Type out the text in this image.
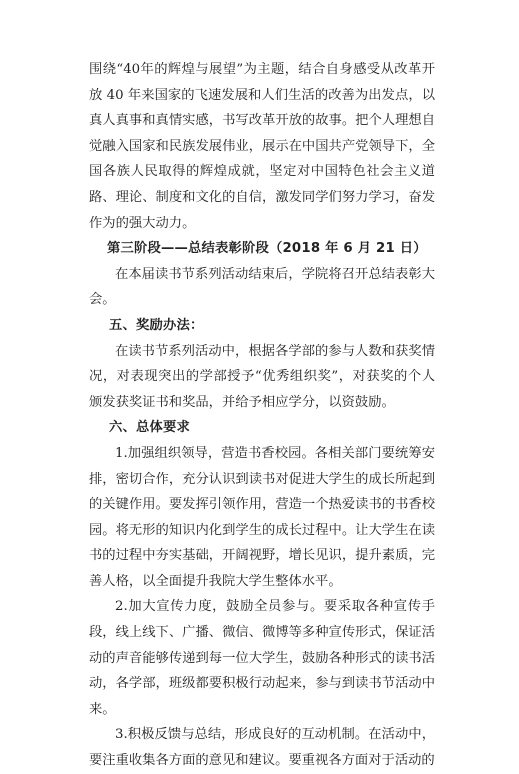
围绕“40年的辉煌与展望”为主题，结合自身感受从改革开放 40 年来国家的飞速发展和人们生活的改善为出发点，以真人真事和真情实感，书写改革开放的故事。把个人理想自觉融入国家和民族发展伟业，展示在中国共产党领导下，全国各族人民取得的辉煌成就，坚定对中国特色社会主义道路、理论、制度和文化的自信，激发同学们努力学习，奋发作为的强大动力。

第三阶段——总结表彰阶段（2018 年 6 月 21 日）

在本届读书节系列活动结束后，学院将召开总结表彰大会。

五、奖励办法：

在读书节系列活动中，根据各学部的参与人数和获奖情况，对表现突出的学部授予“优秀组织奖”，对获奖的个人颁发获奖证书和奖品，并给予相应学分，以资鼓励。

六、总体要求

1.加强组织领导，营造书香校园。各相关部门要统筹安排，密切合作，充分认识到读书对促进大学生的成长所起到的关键作用。要发挥引领作用，营造一个热爱读书的书香校园。将无形的知识内化到学生的成长过程中。让大学生在读书的过程中夯实基础，开阔视野，增长见识，提升素质，完善人格，以全面提升我院大学生整体水平。

2.加大宣传力度，鼓励全员参与。要采取各种宣传手段，线上线下、广播、微信、微博等多种宣传形式，保证活动的声音能够传递到每一位大学生，鼓励各种形式的读书活动，各学部，班级都要积极行动起来，参与到读书节活动中来。

3.积极反馈与总结，形成良好的互动机制。在活动中，要注重收集各方面的意见和建议。要重视各方面对于活动的
